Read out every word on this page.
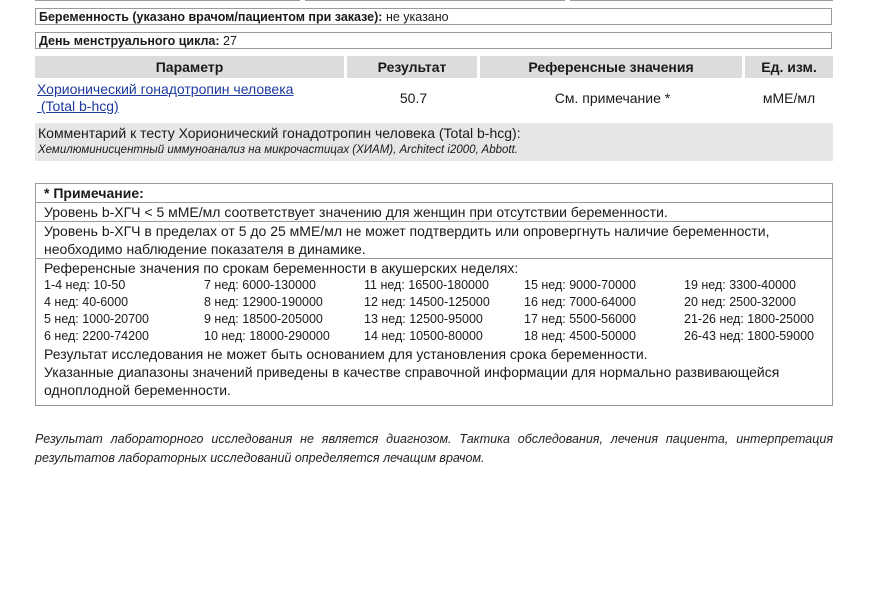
Беременность (указано врачом/пациентом при заказе): не указано
День менструального цикла: 27
Параметр	Результат	Референсные значения	Ед. изм.
Хорионический гонадотропин человека
(Total b-hcg)	50.7	См. примечание *	мМЕ/мл
Комментарий к тесту Хорионический гонадотропин человека (Total b-hcg):
Хемилюминисцентный иммуноанализ на микрочастицах (ХИАМ), Architect i2000, Abbott.
* Примечание:
Уровень b-ХГЧ < 5 мМЕ/мл соответствует значению для женщин при отсутствии беременности.
Уровень b-ХГЧ в пределах от 5 до 25 мМЕ/мл не может подтвердить или опровергнуть наличие беременности,
необходимо наблюдение показателя в динамике.
Референсные значения по срокам беременности в акушерских неделях:
1-4 нед: 10-50	7 нед: 6000-130000	11 нед: 16500-180000	15 нед: 9000-70000	19 нед: 3300-40000
4 нед: 40-6000	8 нед: 12900-190000	12 нед: 14500-125000	16 нед: 7000-64000	20 нед: 2500-32000
5 нед: 1000-20700	9 нед: 18500-205000	13 нед: 12500-95000	17 нед: 5500-56000	21-26 нед: 1800-25000
6 нед: 2200-74200	10 нед: 18000-290000	14 нед: 10500-80000	18 нед: 4500-50000	26-43 нед: 1800-59000
Результат исследования не может быть основанием для установления срока беременности.
Указанные диапазоны значений приведены в качестве справочной информации для нормально развивающейся
одноплодной беременности.
Результат лабораторного исследования не является диагнозом. Тактика обследования, лечения пациента, интерпретация результатов лабораторных исследований определяется лечащим врачом.
